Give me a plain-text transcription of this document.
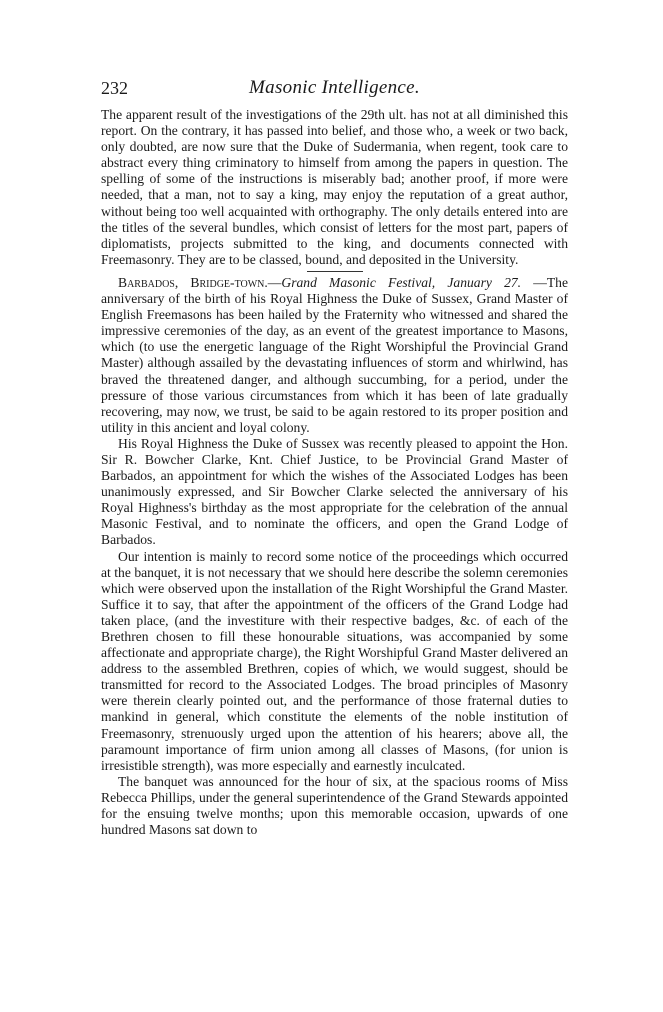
232	Masonic Intelligence.

The apparent result of the investigations of the 29th ult. has not at all diminished this report. On the contrary, it has passed into belief, and those who, a week or two back, only doubted, are now sure that the Duke of Sudermania, when regent, took care to abstract every thing criminatory to himself from among the papers in question. The spelling of some of the instructions is miserably bad; another proof, if more were needed, that a man, not to say a king, may enjoy the reputation of a great author, without being too well acquainted with orthography. The only details entered into are the titles of the several bundles, which consist of letters for the most part, papers of diplomatists, projects submitted to the king, and documents connected with Freemasonry. They are to be classed, bound, and deposited in the University.

Barbados, Bridge-town.—Grand Masonic Festival, January 27. —The anniversary of the birth of his Royal Highness the Duke of Sussex, Grand Master of English Freemasons has been hailed by the Fraternity who witnessed and shared the impressive ceremonies of the day, as an event of the greatest importance to Masons, which (to use the energetic language of the Right Worshipful the Provincial Grand Master) although assailed by the devastating influences of storm and whirlwind, has braved the threatened danger, and although succumbing, for a period, under the pressure of those various circumstances from which it has been of late gradually recovering, may now, we trust, be said to be again restored to its proper position and utility in this ancient and loyal colony.

His Royal Highness the Duke of Sussex was recently pleased to appoint the Hon. Sir R. Bowcher Clarke, Knt. Chief Justice, to be Provincial Grand Master of Barbados, an appointment for which the wishes of the Associated Lodges has been unanimously expressed, and Sir Bowcher Clarke selected the anniversary of his Royal Highness's birthday as the most appropriate for the celebration of the annual Masonic Festival, and to nominate the officers, and open the Grand Lodge of Barbados.

Our intention is mainly to record some notice of the proceedings which occurred at the banquet, it is not necessary that we should here describe the solemn ceremonies which were observed upon the installation of the Right Worshipful the Grand Master. Suffice it to say, that after the appointment of the officers of the Grand Lodge had taken place, (and the investiture with their respective badges, &c. of each of the Brethren chosen to fill these honourable situations, was accompanied by some affectionate and appropriate charge), the Right Worshipful Grand Master delivered an address to the assembled Brethren, copies of which, we would suggest, should be transmitted for record to the Associated Lodges. The broad principles of Masonry were therein clearly pointed out, and the performance of those fraternal duties to mankind in general, which constitute the elements of the noble institution of Freemasonry, strenuously urged upon the attention of his hearers; above all, the paramount importance of firm union among all classes of Masons, (for union is irresistible strength), was more especially and earnestly inculcated.

The banquet was announced for the hour of six, at the spacious rooms of Miss Rebecca Phillips, under the general superintendence of the Grand Stewards appointed for the ensuing twelve months; upon this memorable occasion, upwards of one hundred Masons sat down to
